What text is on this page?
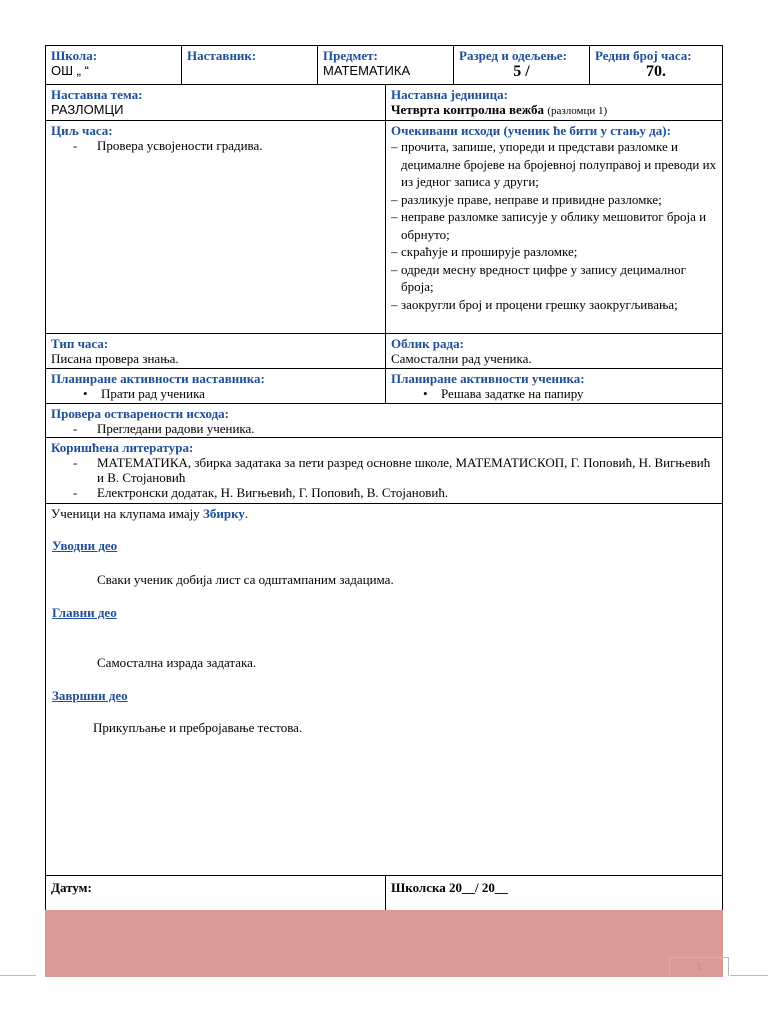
Школа:
ОШ „ “
Наставник:	Предмет:
МАТЕМАТИКА
Разред и одељење:
5 /
Редни број часа:
70.
Наставна тема:
РАЗЛОМЦИ
Наставна јединица:
Четврта контролна вежба (разломци 1)
Циљ часа:
- Провера усвојености градива.
Очекивани исходи (ученик ће бити у стању да):
– прочита, запише, упореди и представи разломке и децималне бројеве на бројевној полуправој и преводи их из једног записа у други;
– разликује праве, неправе и привидне разломке;
– неправе разломке записује у облику мешовитог броја и обрнуто;
– скраћује и проширује разломке;
– одреди месну вредност цифре у запису децималног броја;
– заокругли број и процени грешку заокругљивања;
Тип часа:
Писана провера знања.
Облик рада:
Самостални рад ученика.
Планиране активности наставника:
• Прати рад ученика
Планиране активности ученика:
• Решава задатке на папиру
Провера остварености исхода:
- Прегледани радови ученика.
Коришћена литература:
- МАТЕМАТИКА, збирка задатака за пети разред основне школе, МАТЕМАТИСКОП, Г. Поповић, Н. Вигњевић и В. Стојановић
- Електронски додатак, Н. Вигњевић, Г. Поповић, В. Стојановић.
Ученици на клупама имају Збирку.
Уводни део
Сваки ученик добија лист са одштампаним задацима.
Главни део
Самостална израда задатака.
Завршни део
Прикупљање и пребројавање тестова.
Датум:	Школска 20__/ 20__
1
